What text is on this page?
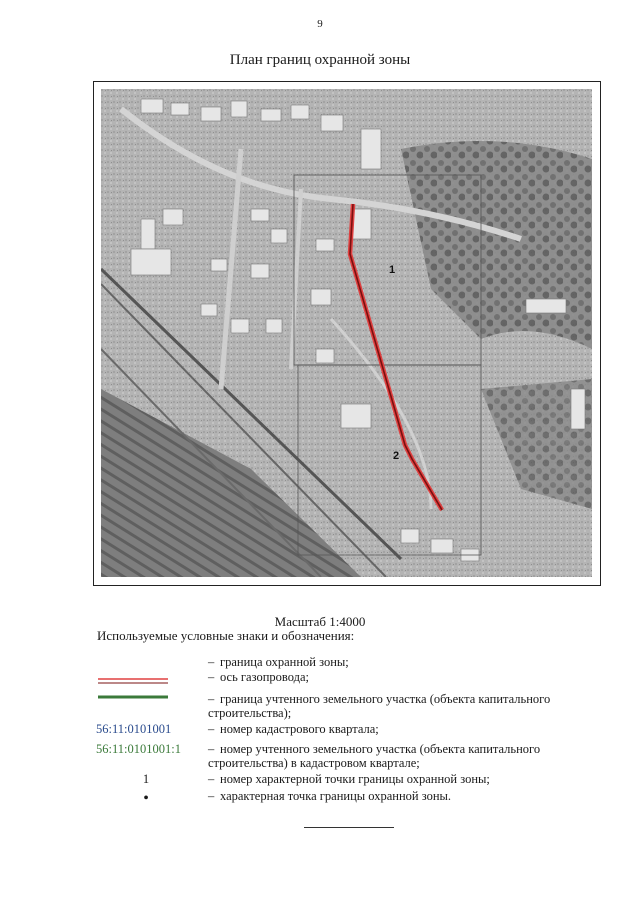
9
План границ охранной зоны
1
2
Масштаб 1:4000
Используемые условные знаки и обозначения:
– граница охранной зоны;
– ось газопровода;
– граница учтенного земельного участка (объекта капитального строительства);
56:11:0101001	– номер кадастрового квартала;
56:11:0101001:1	– номер учтенного земельного участка (объекта капитального строительства) в кадастровом квартале;
1	– номер характерной точки границы охранной зоны;
•	– характерная точка границы охранной зоны.
